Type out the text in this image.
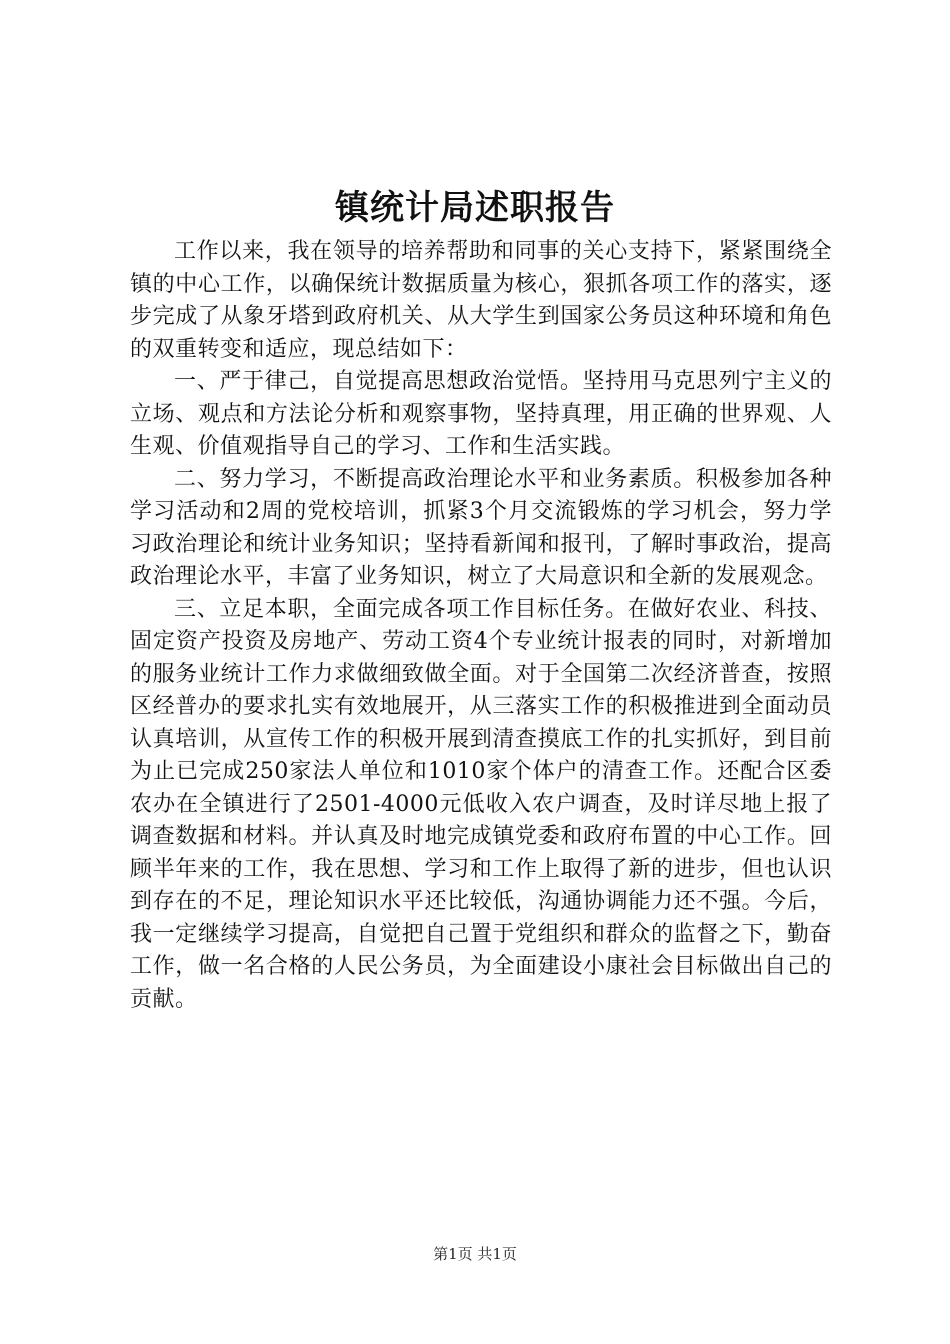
镇统计局述职报告

工作以来，我在领导的培养帮助和同事的关心支持下，紧紧围绕全镇的中心工作，以确保统计数据质量为核心，狠抓各项工作的落实，逐步完成了从象牙塔到政府机关、从大学生到国家公务员这种环境和角色的双重转变和适应，现总结如下：

一、严于律己，自觉提高思想政治觉悟。坚持用马克思列宁主义的立场、观点和方法论分析和观察事物，坚持真理，用正确的世界观、人生观、价值观指导自己的学习、工作和生活实践。

二、努力学习，不断提高政治理论水平和业务素质。积极参加各种学习活动和2周的党校培训，抓紧3个月交流锻炼的学习机会，努力学习政治理论和统计业务知识；坚持看新闻和报刊，了解时事政治，提高政治理论水平，丰富了业务知识，树立了大局意识和全新的发展观念。

三、立足本职，全面完成各项工作目标任务。在做好农业、科技、固定资产投资及房地产、劳动工资4个专业统计报表的同时，对新增加的服务业统计工作力求做细致做全面。对于全国第二次经济普查，按照区经普办的要求扎实有效地展开，从三落实工作的积极推进到全面动员认真培训，从宣传工作的积极开展到清查摸底工作的扎实抓好，到目前为止已完成250家法人单位和1010家个体户的清查工作。还配合区委农办在全镇进行了2501-4000元低收入农户调查，及时详尽地上报了调查数据和材料。并认真及时地完成镇党委和政府布置的中心工作。回顾半年来的工作，我在思想、学习和工作上取得了新的进步，但也认识到存在的不足，理论知识水平还比较低，沟通协调能力还不强。今后，我一定继续学习提高，自觉把自己置于党组织和群众的监督之下，勤奋工作，做一名合格的人民公务员，为全面建设小康社会目标做出自己的贡献。

第1页 共1页
